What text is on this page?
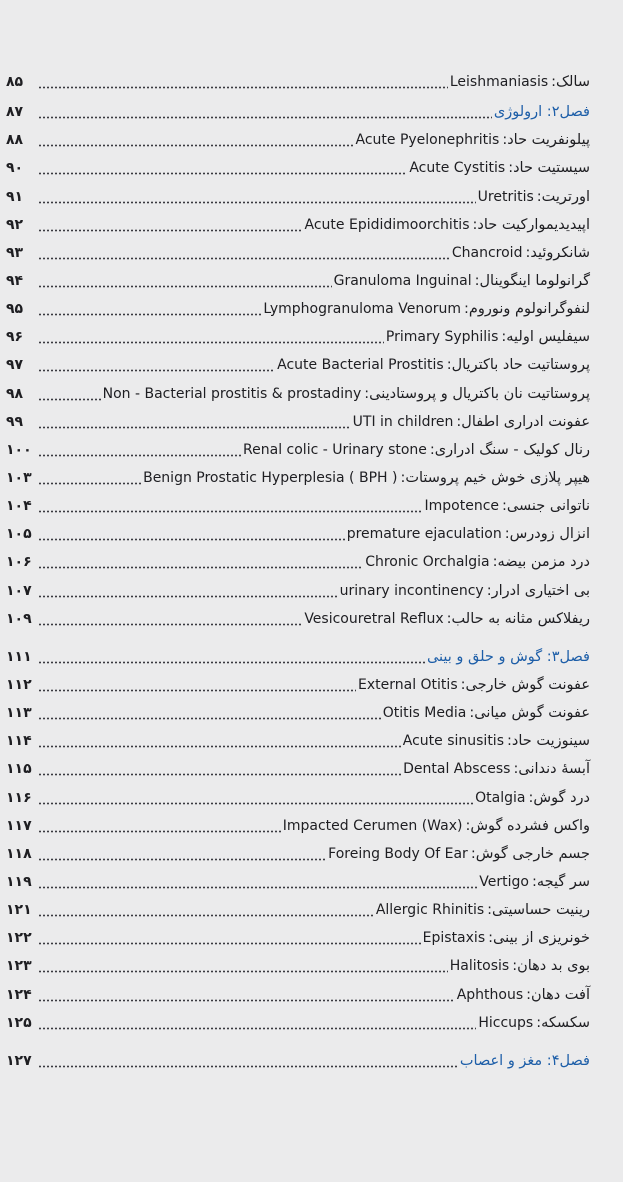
سالک:
Leishmaniasis
۸۵
فصل۲: ارولوژی
۸۷
پیلونفریت حاد:
Acute Pyelonephritis
۸۸
سیستیت حاد:
Acute Cystitis
۹۰
اورتریت:
Uretritis
۹۱
اپیدیدیمواركیت حاد:
Acute Epididimoorchitis
۹۲
شانکروئید:
Chancroid
۹۳
گرانولوما اینگوینال:
Granuloma Inguinal
۹۴
لنفوگرانولوم ونوروم:
Lymphogranuloma Venorum
۹۵
سیفلیس اولیه:
Primary Syphilis
۹۶
پروستاتیت حاد باکتریال:
Acute Bacterial Prostitis
۹۷
پروستاتیت نان باکتریال و پروستادینی:
Non - Bacterial prostitis & prostadiny
۹۸
عفونت ادراری اطفال:
UTI in children
۹۹
رنال کولیک - سنگ ادراری:
Renal colic - Urinary stone
۱۰۰
هیپر پلازی خوش خیم پروستات:
Benign Prostatic Hyperplesia ( BPH )
۱۰۳
ناتوانی جنسی:
Impotence
۱۰۴
انزال زودرس:
premature ejaculation
۱۰۵
درد مزمن بیضه:
Chronic Orchalgia
۱۰۶
بی اختیاری ادرار:
urinary incontinency
۱۰۷
ریفلاکس مثانه به حالب:
Vesicouretral Reflux
۱۰۹
فصل۳: گوش و حلق و بینی
۱۱۱
عفونت گوش خارجی:
External Otitis
۱۱۲
عفونت گوش میانی:
Otitis Media
۱۱۳
سینوزیت حاد:
Acute sinusitis
۱۱۴
آبسهٔ دندانی:
Dental Abscess
۱۱۵
درد گوش:
Otalgia
۱۱۶
واکس فشرده گوش:
Impacted Cerumen (Wax)
۱۱۷
جسم خارجی گوش:
Foreing Body Of Ear
۱۱۸
سر گیجه:
Vertigo
۱۱۹
رینیت حساسیتی:
Allergic Rhinitis
۱۲۱
خونریزی از بینی:
Epistaxis
۱۲۲
بوی بد دهان:
Halitosis
۱۲۳
آفت دهان:
Aphthous
۱۲۴
سکسکه:
Hiccups
۱۲۵
فصل۴: مغز و اعصاب
۱۲۷
